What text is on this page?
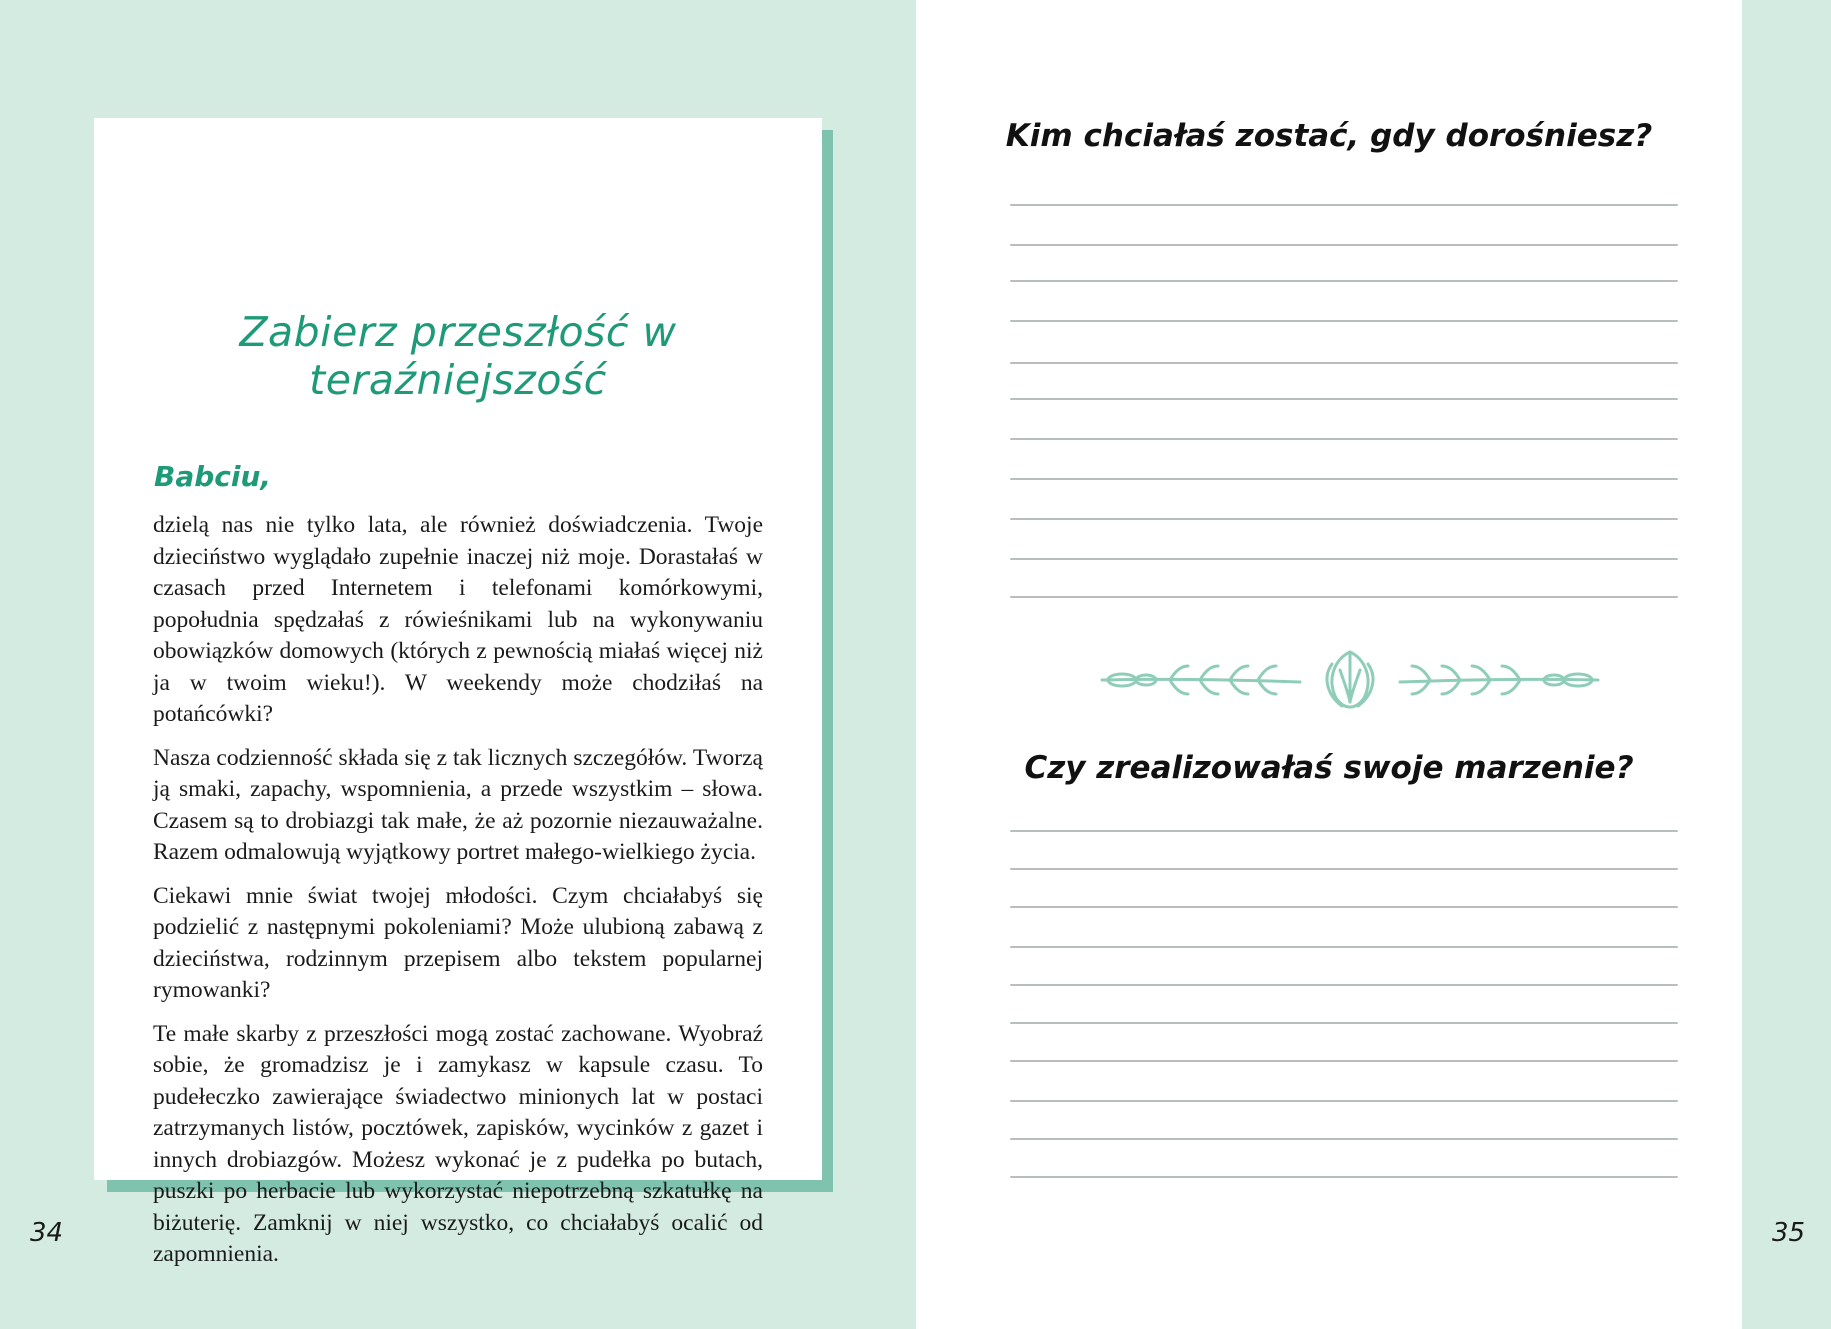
Zabierz przeszłość w teraźniejszość
Babciu,

dzielą nas nie tylko lata, ale również doświadczenia. Twoje dzieciństwo wyglądało zupełnie inaczej niż moje. Dorastałaś w czasach przed Internetem i telefonami komórkowymi, popołudnia spędzałaś z rówieśnikami lub na wykonywaniu obowiązków domowych (których z pewnością miałaś więcej niż ja w twoim wieku!). W weekendy może chodziłaś na potańcówki?

Nasza codzienność składa się z tak licznych szczegółów. Tworzą ją smaki, zapachy, wspomnienia, a przede wszystkim – słowa. Czasem są to drobiazgi tak małe, że aż pozornie niezauważalne. Razem odmalowują wyjątkowy portret małego-wielkiego życia.

Ciekawi mnie świat twojej młodości. Czym chciałabyś się podzielić z następnymi pokoleniami? Może ulubioną zabawą z dzieciństwa, rodzinnym przepisem albo tekstem popularnej rymowanki?

Te małe skarby z przeszłości mogą zostać zachowane. Wyobraź sobie, że gromadzisz je i zamykasz w kapsule czasu. To pudełeczko zawierające świadectwo minionych lat w postaci zatrzymanych listów, pocztówek, zapisków, wycinków z gazet i innych drobiazgów. Możesz wykonać je z pudełka po butach, puszki po herbacie lub wykorzystać niepotrzebną szkatułkę na biżuterię. Zamknij w niej wszystko, co chciałabyś ocalić od zapomnienia.

34
Kim chciałaś zostać, gdy dorośniesz?
Czy zrealizowałaś swoje marzenie?
35
